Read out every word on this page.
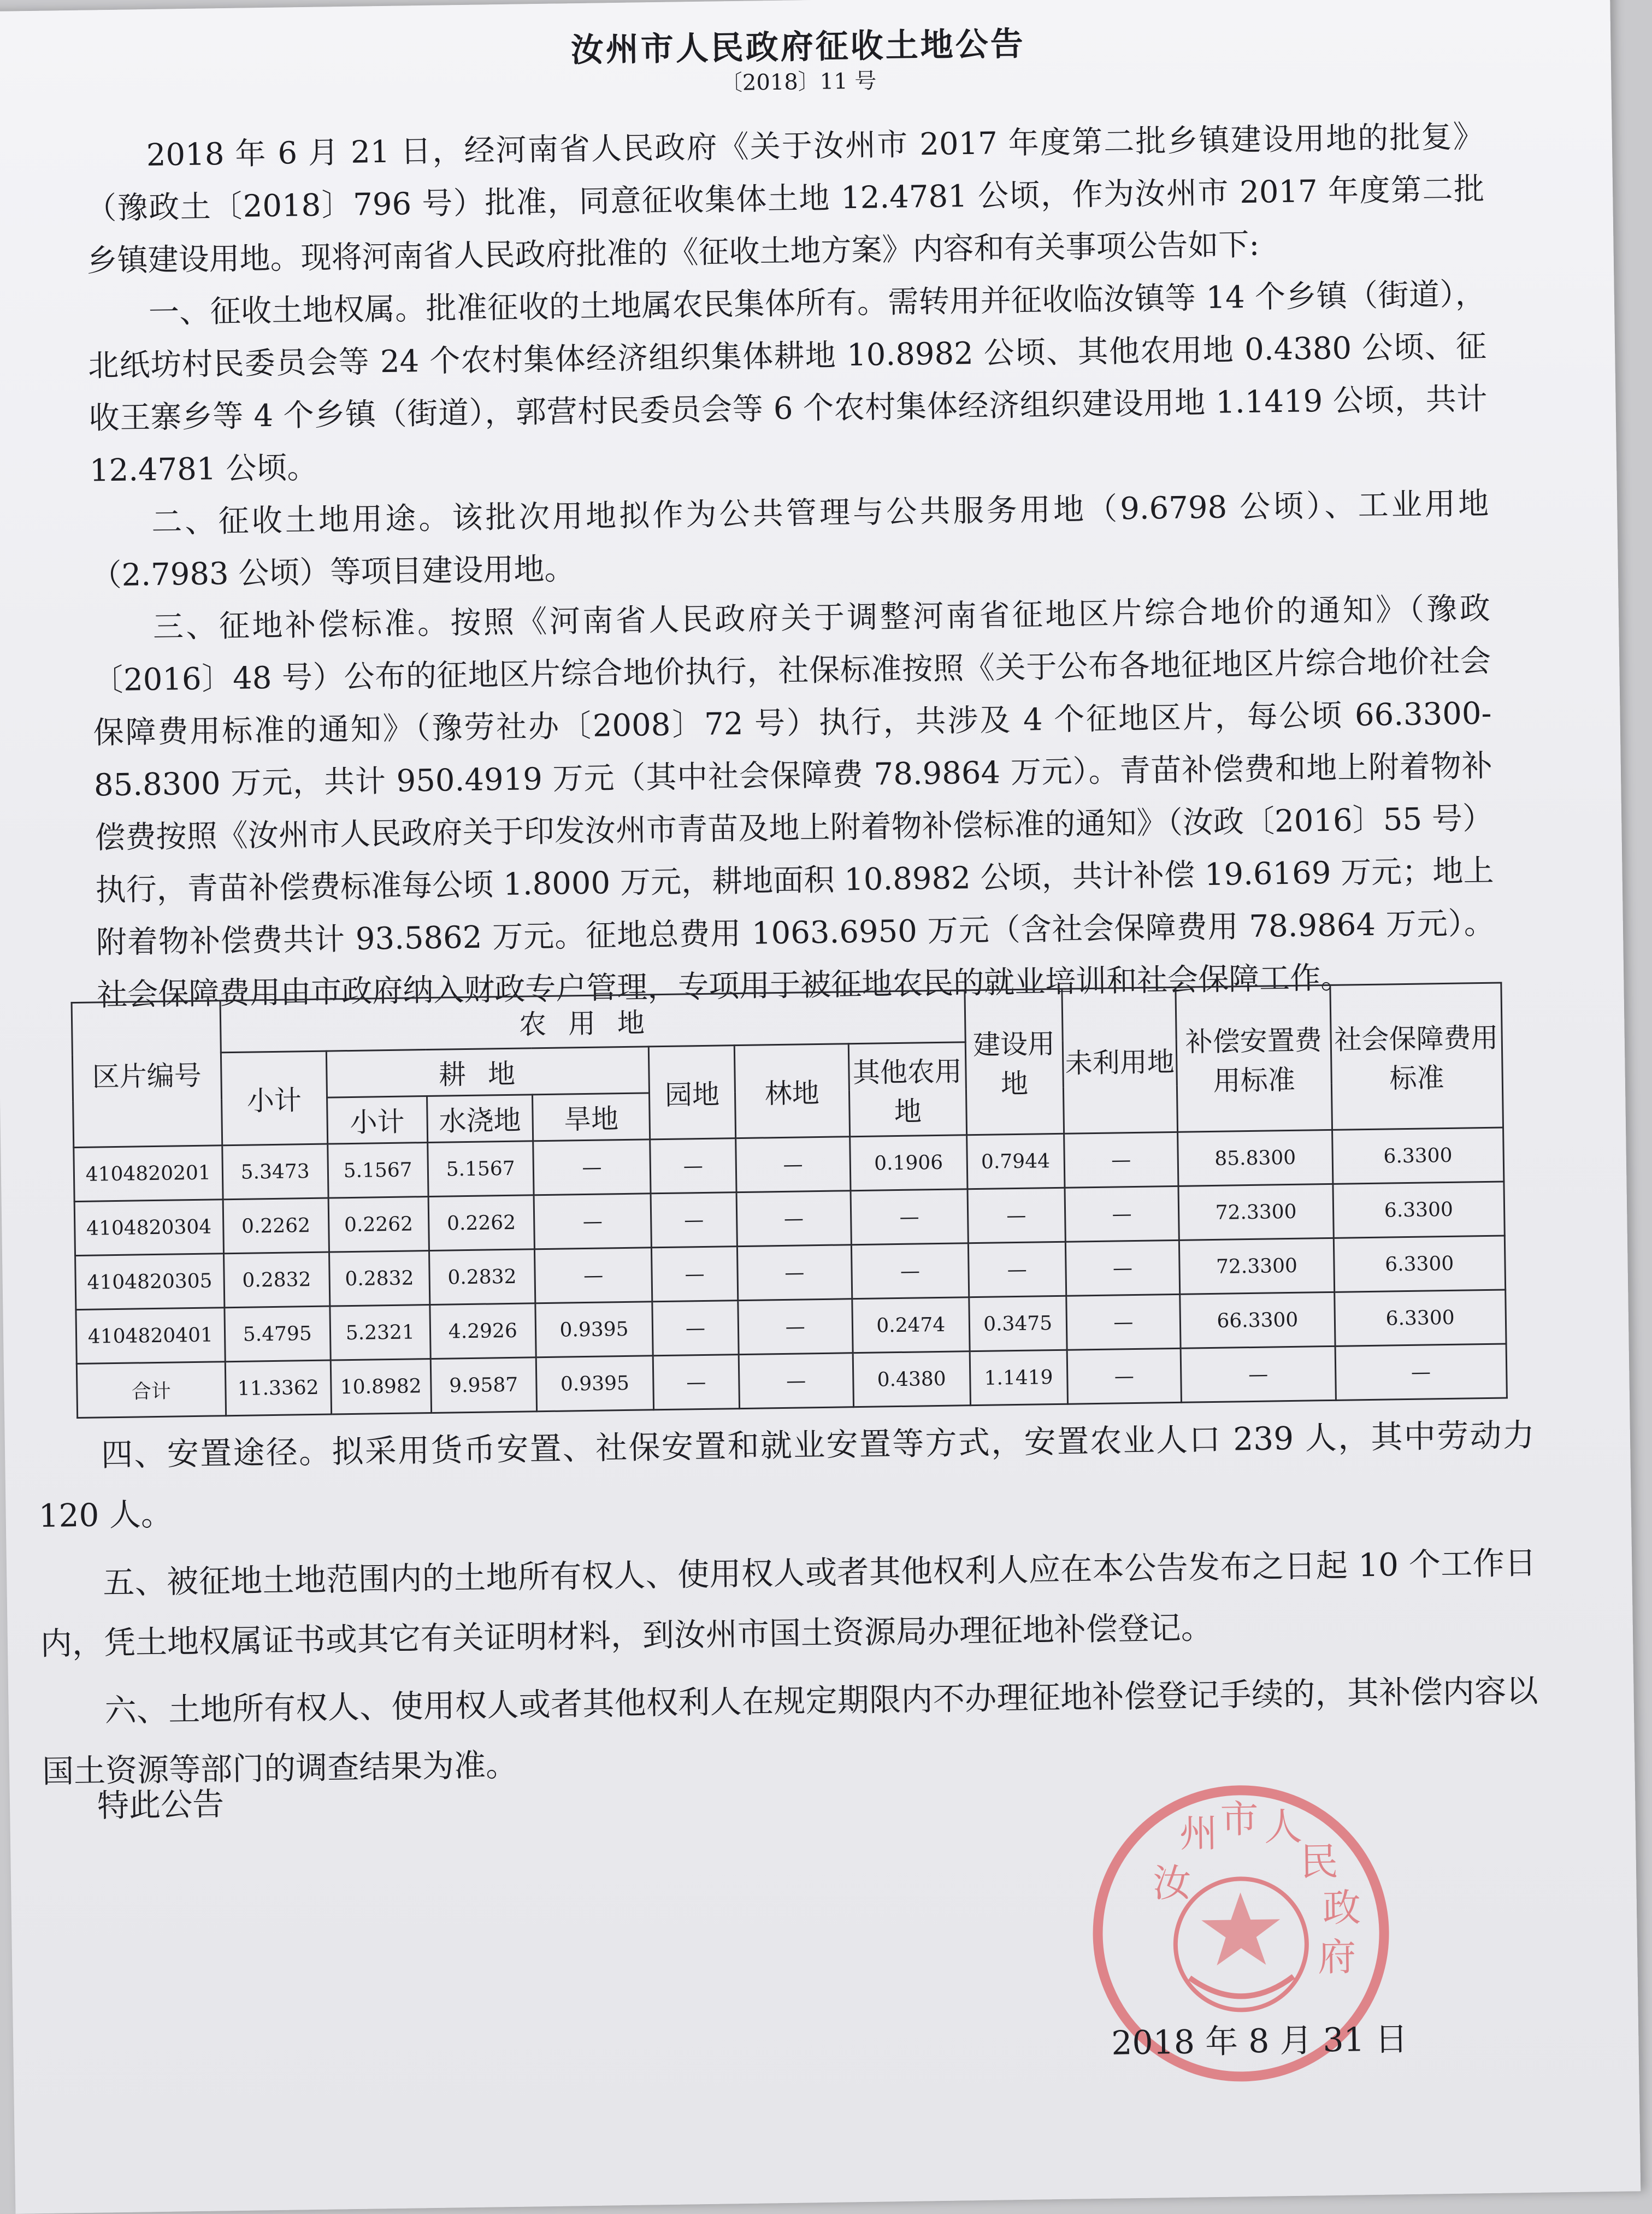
汝州市人民政府征收土地公告
〔2018〕11 号

2018 年 6 月 21 日，经河南省人民政府《关于汝州市 2017 年度第二批乡镇建设用地的批复》（豫政土〔2018〕796 号）批准，同意征收集体土地 12.4781 公顷，作为汝州市 2017 年度第二批乡镇建设用地。现将河南省人民政府批准的《征收土地方案》内容和有关事项公告如下:

一、征收土地权属。批准征收的土地属农民集体所有。需转用并征收临汝镇等 14 个乡镇（街道），北纸坊村民委员会等 24 个农村集体经济组织集体耕地 10.8982 公顷、其他农用地 0.4380 公顷、征收王寨乡等 4 个乡镇（街道），郭营村民委员会等 6 个农村集体经济组织建设用地 1.1419 公顷，共计 12.4781 公顷。

二、征收土地用途。该批次用地拟作为公共管理与公共服务用地（9.6798 公顷）、工业用地（2.7983 公顷）等项目建设用地。

三、征地补偿标准。按照《河南省人民政府关于调整河南省征地区片综合地价的通知》（豫政〔2016〕48 号）公布的征地区片综合地价执行，社保标准按照《关于公布各地征地区片综合地价社会保障费用标准的通知》（豫劳社办〔2008〕72 号）执行，共涉及 4 个征地区片，每公顷 66.3300-85.8300 万元，共计 950.4919 万元（其中社会保障费 78.9864 万元）。青苗补偿费和地上附着物补偿费按照《汝州市人民政府关于印发汝州市青苗及地上附着物补偿标准的通知》（汝政〔2016〕55 号）执行，青苗补偿费标准每公顷 1.8000 万元，耕地面积 10.8982 公顷，共计补偿 19.6169 万元；地上附着物补偿费共计 93.5862 万元。征地总费用 1063.6950 万元（含社会保障费用 78.9864 万元）。社会保障费用由市政府纳入财政专户管理，专项用于被征地农民的就业培训和社会保障工作。

区片编号	农用地							建设用地	未利用地	补偿安置费用标准	社会保障费用标准
	小计	耕地			园地	林地	其他农用地				
		小计	水浇地	旱地							
4104820201	5.3473	5.1567	5.1567	—	—	—	0.1906	0.7944	—	85.8300	6.3300
4104820304	0.2262	0.2262	0.2262	—	—	—	—	—	—	72.3300	6.3300
4104820305	0.2832	0.2832	0.2832	—	—	—	—	—	—	72.3300	6.3300
4104820401	5.4795	5.2321	4.2926	0.9395	—	—	0.2474	0.3475	—	66.3300	6.3300
合计	11.3362	10.8982	9.9587	0.9395	—	—	0.4380	1.1419	—	—	—

四、安置途径。拟采用货币安置、社保安置和就业安置等方式，安置农业人口 239 人，其中劳动力 120 人。

五、被征地土地范围内的土地所有权人、使用权人或者其他权利人应在本公告发布之日起 10 个工作日内，凭土地权属证书或其它有关证明材料，到汝州市国土资源局办理征地补偿登记。

六、土地所有权人、使用权人或者其他权利人在规定期限内不办理征地补偿登记手续的，其补偿内容以国土资源等部门的调查结果为准。

特此公告
汝
州 市 人
民
政
府
2018 年 8 月 31 日
